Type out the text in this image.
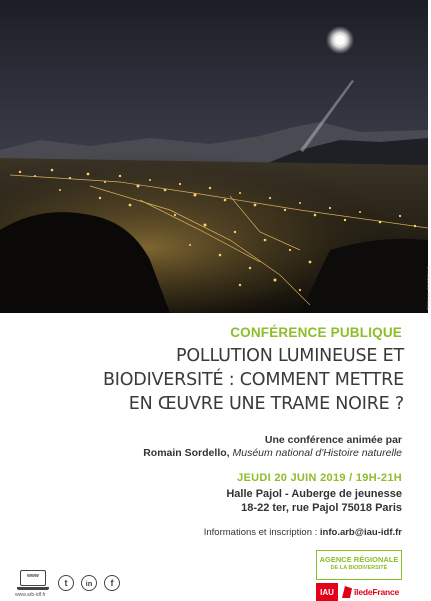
©FRAMA SORDELLO
CONFÉRENCE PUBLIQUE
POLLUTION LUMINEUSE ET
BIODIVERSITÉ : COMMENT METTRE
EN ŒUVRE UNE TRAME NOIRE ?
Une conférence animée par
Romain Sordello, Muséum national d'Histoire naturelle
JEUDI 20 JUIN 2019 / 19H-21H
Halle Pajol - Auberge de jeunesse
18-22 ter, rue Pajol 75018 Paris
Informations et inscription : info.arb@iau-idf.fr
www
www.arb-idf.fr
t	in	f
AGENCE RÉGIONALE
DE LA BIODIVERSITÉ
IAU	îledeFrance
